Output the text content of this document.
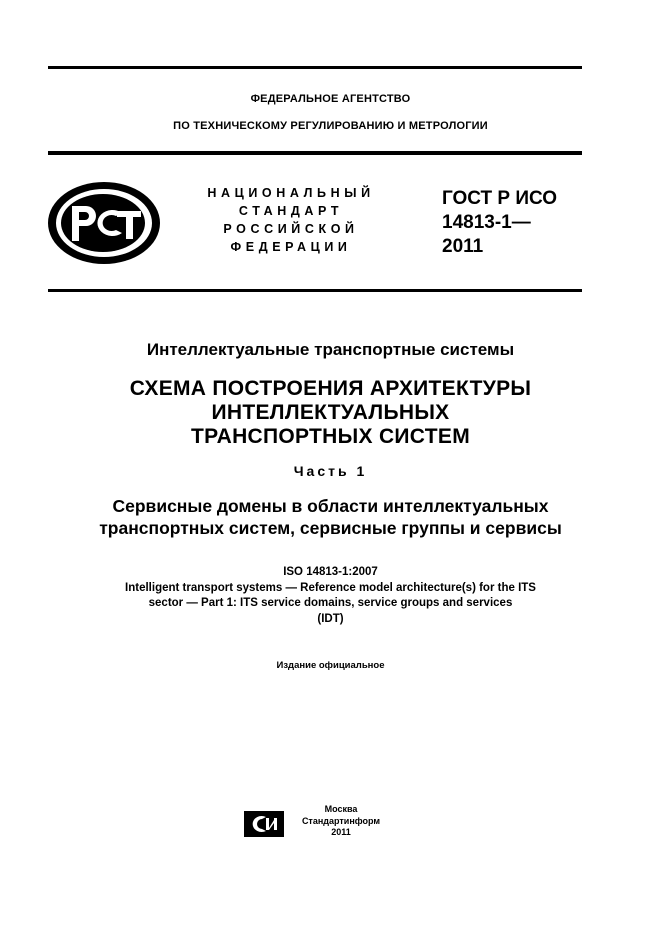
ФЕДЕРАЛЬНОЕ АГЕНТСТВО
ПО ТЕХНИЧЕСКОМУ РЕГУЛИРОВАНИЮ И МЕТРОЛОГИИ
НАЦИОНАЛЬНЫЙ
СТАНДАРТ
РОССИЙСКОЙ
ФЕДЕРАЦИИ
ГОСТ Р ИСО
14813-1—
2011
Интеллектуальные транспортные системы
СХЕМА ПОСТРОЕНИЯ АРХИТЕКТУРЫ
ИНТЕЛЛЕКТУАЛЬНЫХ
ТРАНСПОРТНЫХ СИСТЕМ
Часть 1
Сервисные домены в области интеллектуальных
транспортных систем, сервисные группы и сервисы
ISO 14813-1:2007
Intelligent transport systems — Reference model architecture(s) for the ITS
sector — Part 1: ITS service domains, service groups and services
(IDT)
Издание официальное
Москва
Стандартинформ
2011
